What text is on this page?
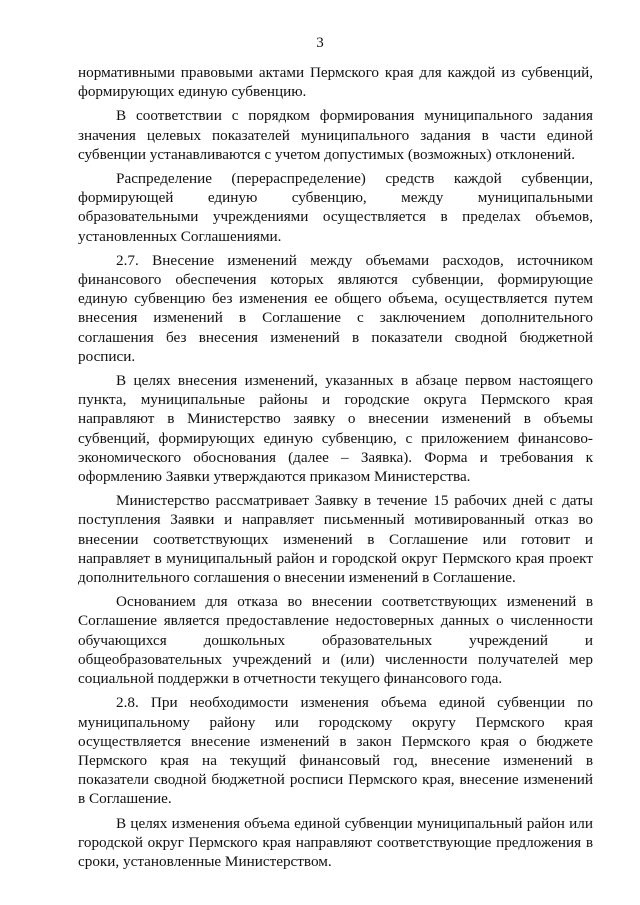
3

нормативными правовыми актами Пермского края для каждой из субвенций, формирующих единую субвенцию.

В соответствии с порядком формирования муниципального задания значения целевых показателей муниципального задания в части единой субвенции устанавливаются с учетом допустимых (возможных) отклонений.

Распределение (перераспределение) средств каждой субвенции, формирующей единую субвенцию, между муниципальными образовательными учреждениями осуществляется в пределах объемов, установленных Соглашениями.

2.7. Внесение изменений между объемами расходов, источником финансового обеспечения которых являются субвенции, формирующие единую субвенцию без изменения ее общего объема, осуществляется путем внесения изменений в Соглашение с заключением дополнительного соглашения без внесения изменений в показатели сводной бюджетной росписи.

В целях внесения изменений, указанных в абзаце первом настоящего пункта, муниципальные районы и городские округа Пермского края направляют в Министерство заявку о внесении изменений в объемы субвенций, формирующих единую субвенцию, с приложением финансово-экономического обоснования (далее – Заявка). Форма и требования к оформлению Заявки утверждаются приказом Министерства.

Министерство рассматривает Заявку в течение 15 рабочих дней с даты поступления Заявки и направляет письменный мотивированный отказ во внесении соответствующих изменений в Соглашение или готовит и направляет в муниципальный район и городской округ Пермского края проект дополнительного соглашения о внесении изменений в Соглашение.

Основанием для отказа во внесении соответствующих изменений в Соглашение является предоставление недостоверных данных о численности обучающихся дошкольных образовательных учреждений и общеобразовательных учреждений и (или) численности получателей мер социальной поддержки в отчетности текущего финансового года.

2.8. При необходимости изменения объема единой субвенции по муниципальному району или городскому округу Пермского края осуществляется внесение изменений в закон Пермского края о бюджете Пермского края на текущий финансовый год, внесение изменений в показатели сводной бюджетной росписи Пермского края, внесение изменений в Соглашение.

В целях изменения объема единой субвенции муниципальный район или городской округ Пермского края направляют соответствующие предложения в сроки, установленные Министерством.
